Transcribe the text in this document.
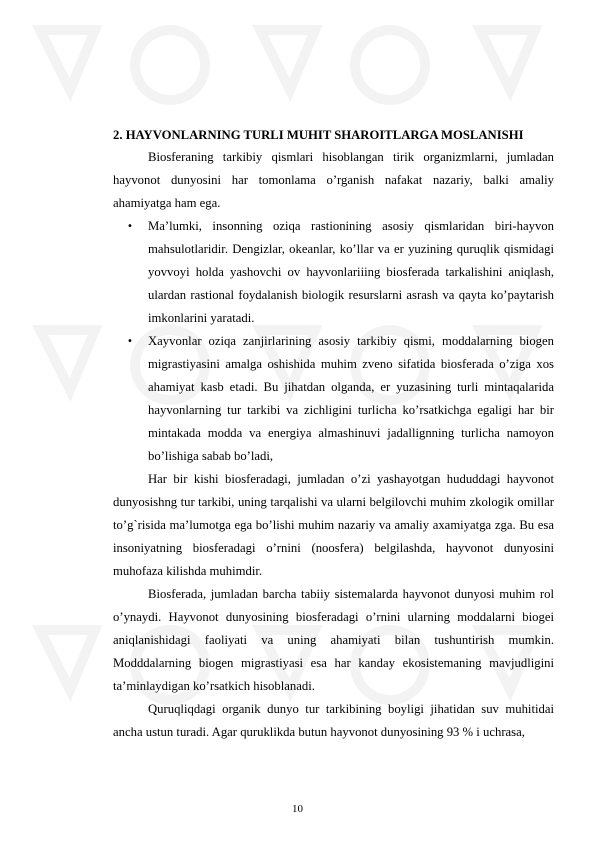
2. HAYVONLARNING TURLI MUHIT SHAROITLARGA MOSLANISHI

Biosferaning tarkibiy qismlari hisoblangan tirik organizmlarni, jumladan hayvonot dunyosini har tomonlama o’rganish nafakat nazariy, balki amaliy ahamiyatga ham ega.

• Ma’lumki, insonning oziqa rastionining asosiy qismlaridan biri-hayvon mahsulotlaridir. Dengizlar, okeanlar, ko’llar va er yuzining quruqlik qismidagi yovvoyi holda yashovchi ov hayvonlariiing biosferada tarkalishini aniqlash, ulardan rastional foydalanish biologik resurslarni asrash va qayta ko’paytarish imkonlarini yaratadi.
• Xayvonlar oziqa zanjirlarining asosiy tarkibiy qismi, moddalarning biogen migrastiyasini amalga oshishida muhim zveno sifatida biosferada o’ziga xos ahamiyat kasb etadi. Bu jihatdan olganda, er yuzasining turli mintaqalarida hayvonlarning tur tarkibi va zichligini turlicha ko’rsatkichga egaligi har bir mintakada modda va energiya almashinuvi jadallignning turlicha namoyon bo’lishiga sabab bo’ladi,

Har bir kishi biosferadagi, jumladan o’zi yashayotgan hududdagi hayvonot dunyosishng tur tarkibi, uning tarqalishi va ularni belgilovchi muhim zkologik omillar to’g`risida ma’lumotga ega bo’lishi muhim nazariy va amaliy axamiyatga zga. Bu esa insoniyatning biosferadagi o’rnini (noosfera) belgilashda, hayvonot dunyosini muhofaza kilishda muhimdir.

Biosferada, jumladan barcha tabiiy sistemalarda hayvonot dunyosi muhim rol o’ynaydi. Hayvonot dunyosining biosferadagi o’rnini ularning moddalarni biogei aniqlanishidagi faoliyati va uning ahamiyati bilan tushuntirish mumkin. Modddalarning biogen migrastiyasi esa har kanday ekosistemaning mavjudligini ta’minlaydigan ko’rsatkich hisoblanadi.

Quruqliqdagi organik dunyo tur tarkibining boyligi jihatidan suv muhitidai ancha ustun turadi. Agar quruklikda butun hayvonot dunyosining 93 % i uchrasa,

10
